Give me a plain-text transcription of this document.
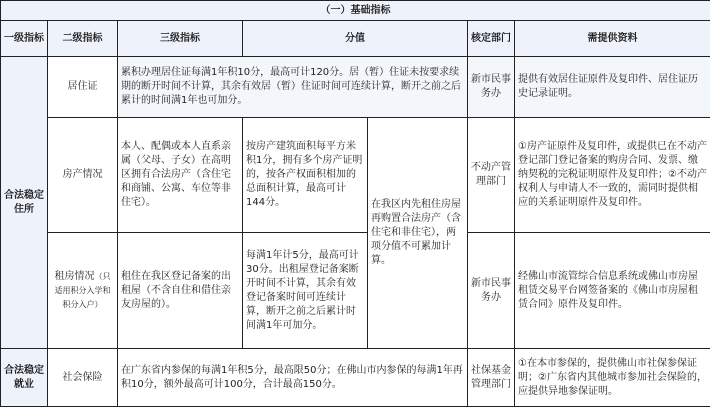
（一）基础指标						
一级指标	二级指标	三级指标	分值		核定部门	需提供资料
合法稳定住所	居住证	累积办理居住证每满1年积10分，最高可计120分。居（暂）住证未按要求续期的断开时间不计算，其余有效居（暂）住证时间可连续计算，断开之前之后累计的时间满1年也可加分。			新市民事务办	提供有效居住证原件及复印件、居住证历史记录证明。
	房产情况	本人、配偶或本人直系亲属（父母、子女）在高明区拥有合法房产（含住宅和商铺、公寓、车位等非住宅）。	按房产建筑面积每平方米积1分，拥有多个房产证明的，按各产权面积相加的总面积计算，最高可计144分。	在我区内先租住房屋再购置合法房产（含住宅和非住宅），两项分值不可累加计算。	不动产管理部门	①房产证原件及复印件，或提供已在不动产登记部门登记备案的购房合同、发票、缴纳契税的完税证明原件及复印件；②不动产权利人与申请人不一致的，需同时提供相应的关系证明原件及复印件。
	租房情况（只适用积分入学和积分入户）	租住在我区登记备案的出租屋（不含自住和借住亲友房屋的）。	每满1年计5分，最高可计30分。出租屋登记备案断开时间不计算，其余有效登记备案时间可连续计算，断开之前之后累计时间满1年可加分。		新市民事务办	经佛山市流管综合信息系统或佛山市房屋租赁交易平台网签备案的《佛山市房屋租赁合同》原件及复印件。
合法稳定就业	社会保险	在广东省内参保的每满1年积5分，最高限50分；在佛山市内参保的每满1年再积10分，额外最高可计100分，合计最高150分。			社保基金管理部门	①在本市参保的，提供佛山市社保参保证明；②广东省内其他城市参加社会保险的，应提供异地参保证明。
